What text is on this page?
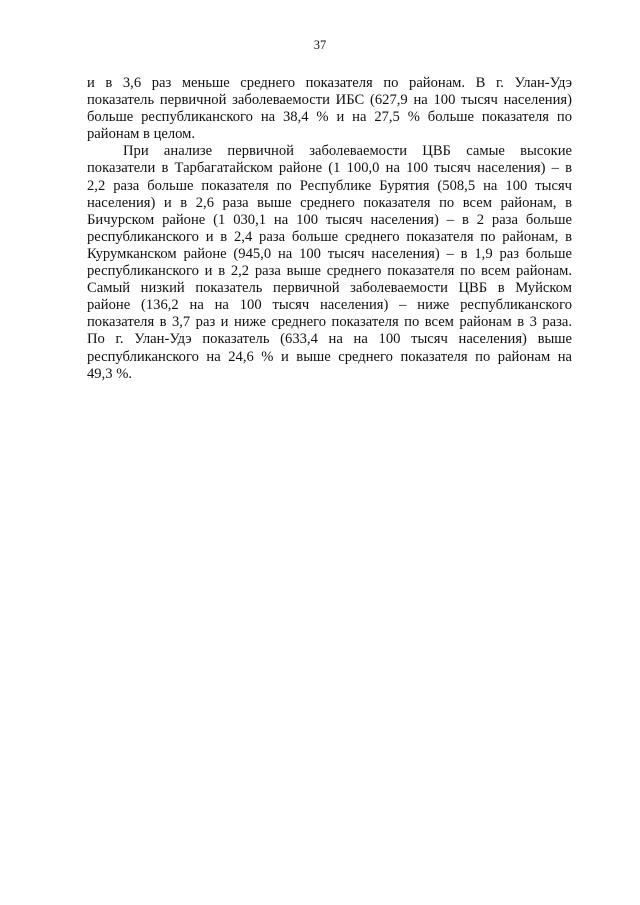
37
и в 3,6 раз меньше среднего показателя по районам. В г. Улан-Удэ
показатель первичной заболеваемости ИБС (627,9 на 100 тысяч населения)
больше республиканского на 38,4 % и на 27,5 % больше показателя по
районам в целом.
При анализе первичной заболеваемости ЦВБ самые высокие
показатели в Тарбагатайском районе (1 100,0 на 100 тысяч населения) – в
2,2 раза больше показателя по Республике Бурятия (508,5 на 100 тысяч
населения) и в 2,6 раза выше среднего показателя по всем районам, в
Бичурском районе (1 030,1 на 100 тысяч населения) – в 2 раза больше
республиканского и в 2,4 раза больше среднего показателя по районам, в
Курумканском районе (945,0 на 100 тысяч населения) – в 1,9 раз больше
республиканского и в 2,2 раза выше среднего показателя по всем районам.
Самый низкий показатель первичной заболеваемости ЦВБ в Муйском
районе (136,2 на на 100 тысяч населения) – ниже республиканского
показателя в 3,7 раз и ниже среднего показателя по всем районам в 3 раза.
По г. Улан-Удэ показатель (633,4 на на 100 тысяч населения) выше
республиканского на 24,6 % и выше среднего показателя по районам на
49,3 %.
